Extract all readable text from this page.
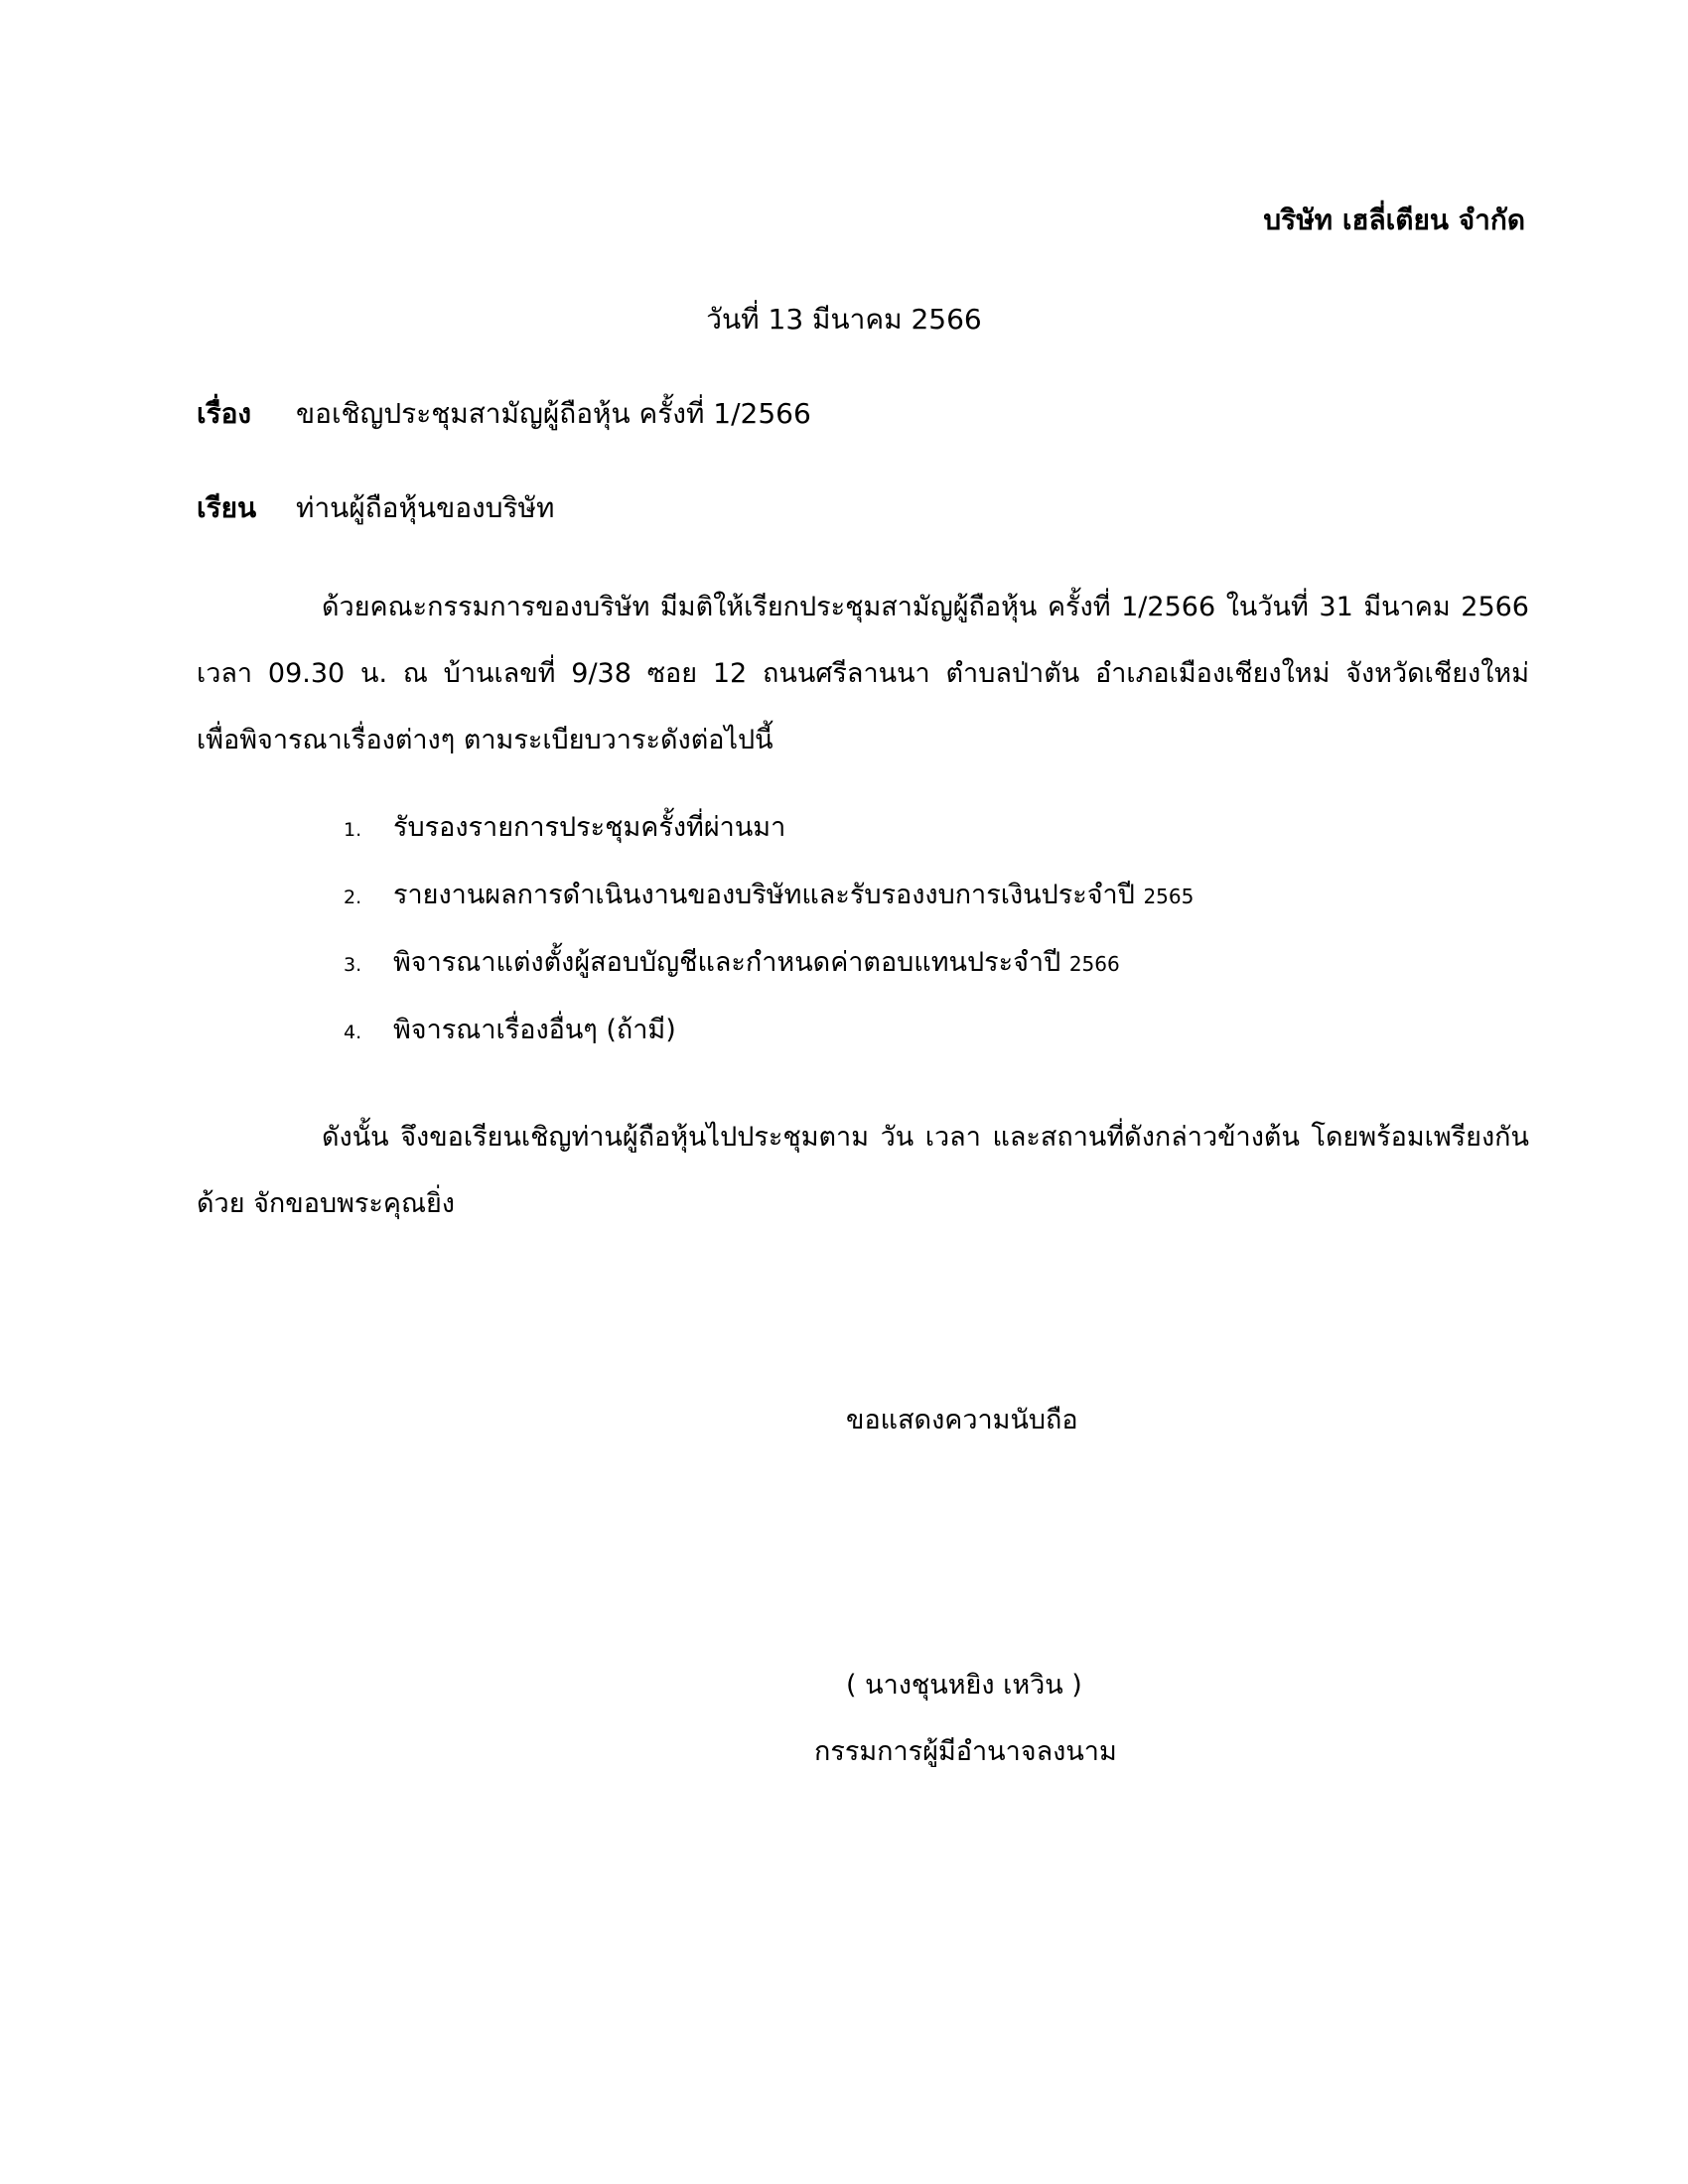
บริษัท เฮลี่เตียน จำกัด
วันที่ 13 มีนาคม 2566
เรื่อง ขอเชิญประชุมสามัญผู้ถือหุ้น ครั้งที่ 1/2566
เรียน ท่านผู้ถือหุ้นของบริษัท
ด้วยคณะกรรมการของบริษัท มีมติให้เรียกประชุมสามัญผู้ถือหุ้น ครั้งที่ 1/2566 ในวันที่ 31 มีนาคม 2566
เวลา 09.30 น. ณ บ้านเลขที่ 9/38 ซอย 12 ถนนศรีลานนา ตำบลป่าตัน อำเภอเมืองเชียงใหม่ จังหวัดเชียงใหม่
เพื่อพิจารณาเรื่องต่างๆ ตามระเบียบวาระดังต่อไปนี้
1. รับรองรายการประชุมครั้งที่ผ่านมา
2. รายงานผลการดำเนินงานของบริษัทและรับรองงบการเงินประจำปี 2565
3. พิจารณาแต่งตั้งผู้สอบบัญชีและกำหนดค่าตอบแทนประจำปี 2566
4. พิจารณาเรื่องอื่นๆ (ถ้ามี)
ดังนั้น จึงขอเรียนเชิญท่านผู้ถือหุ้นไปประชุมตาม วัน เวลา และสถานที่ดังกล่าวข้างต้น โดยพร้อมเพรียงกัน
ด้วย จักขอบพระคุณยิ่ง
ขอแสดงความนับถือ
( นางชุนหยิง เหวิน )
กรรมการผู้มีอำนาจลงนาม
